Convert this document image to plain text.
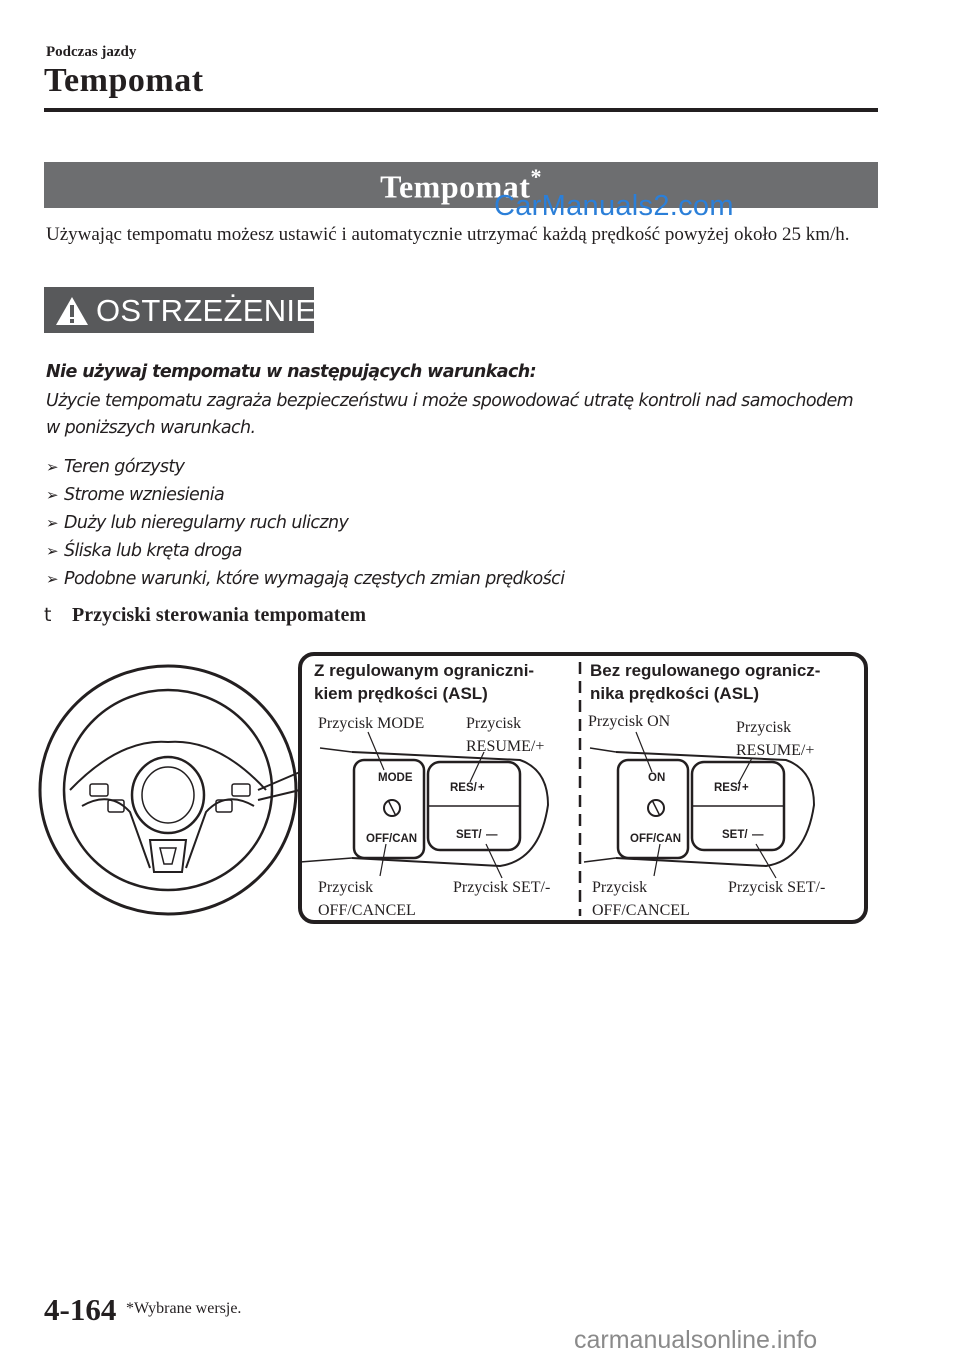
Podczas jazdy
Tempomat
Tempomat*
CarManuals2.com
Używając tempomatu możesz ustawić i automatycznie utrzymać każdą prędkość powyżej około 25 km/h.
OSTRZEŻENIE
Nie używaj tempomatu w następujących warunkach:
Użycie tempomatu zagraża bezpieczeństwu i może spowodować utratę kontroli nad samochodem w poniższych warunkach.
➢ Teren górzysty
➢ Strome wzniesienia
➢ Duży lub nieregularny ruch uliczny
➢ Śliska lub kręta droga
➢ Podobne warunki, które wymagają częstych zmian prędkości
t Przyciski sterowania tempomatem
Z regulowanym ograniczni-
kiem prędkości (ASL)
Przycisk MODE	Przycisk
RESUME/+
Przycisk
OFF/CANCEL
Przycisk SET/-
MODE
RES/ +
OFF/CAN	SET/ —
Bez regulowanego ogranicz-
nika prędkości (ASL)
Przycisk ON	Przycisk
RESUME/+
Przycisk
OFF/CANCEL
Przycisk SET/-
ON
RES/ +
OFF/CAN	SET/ —
4-164 *Wybrane wersje.
carmanualsonline.info
